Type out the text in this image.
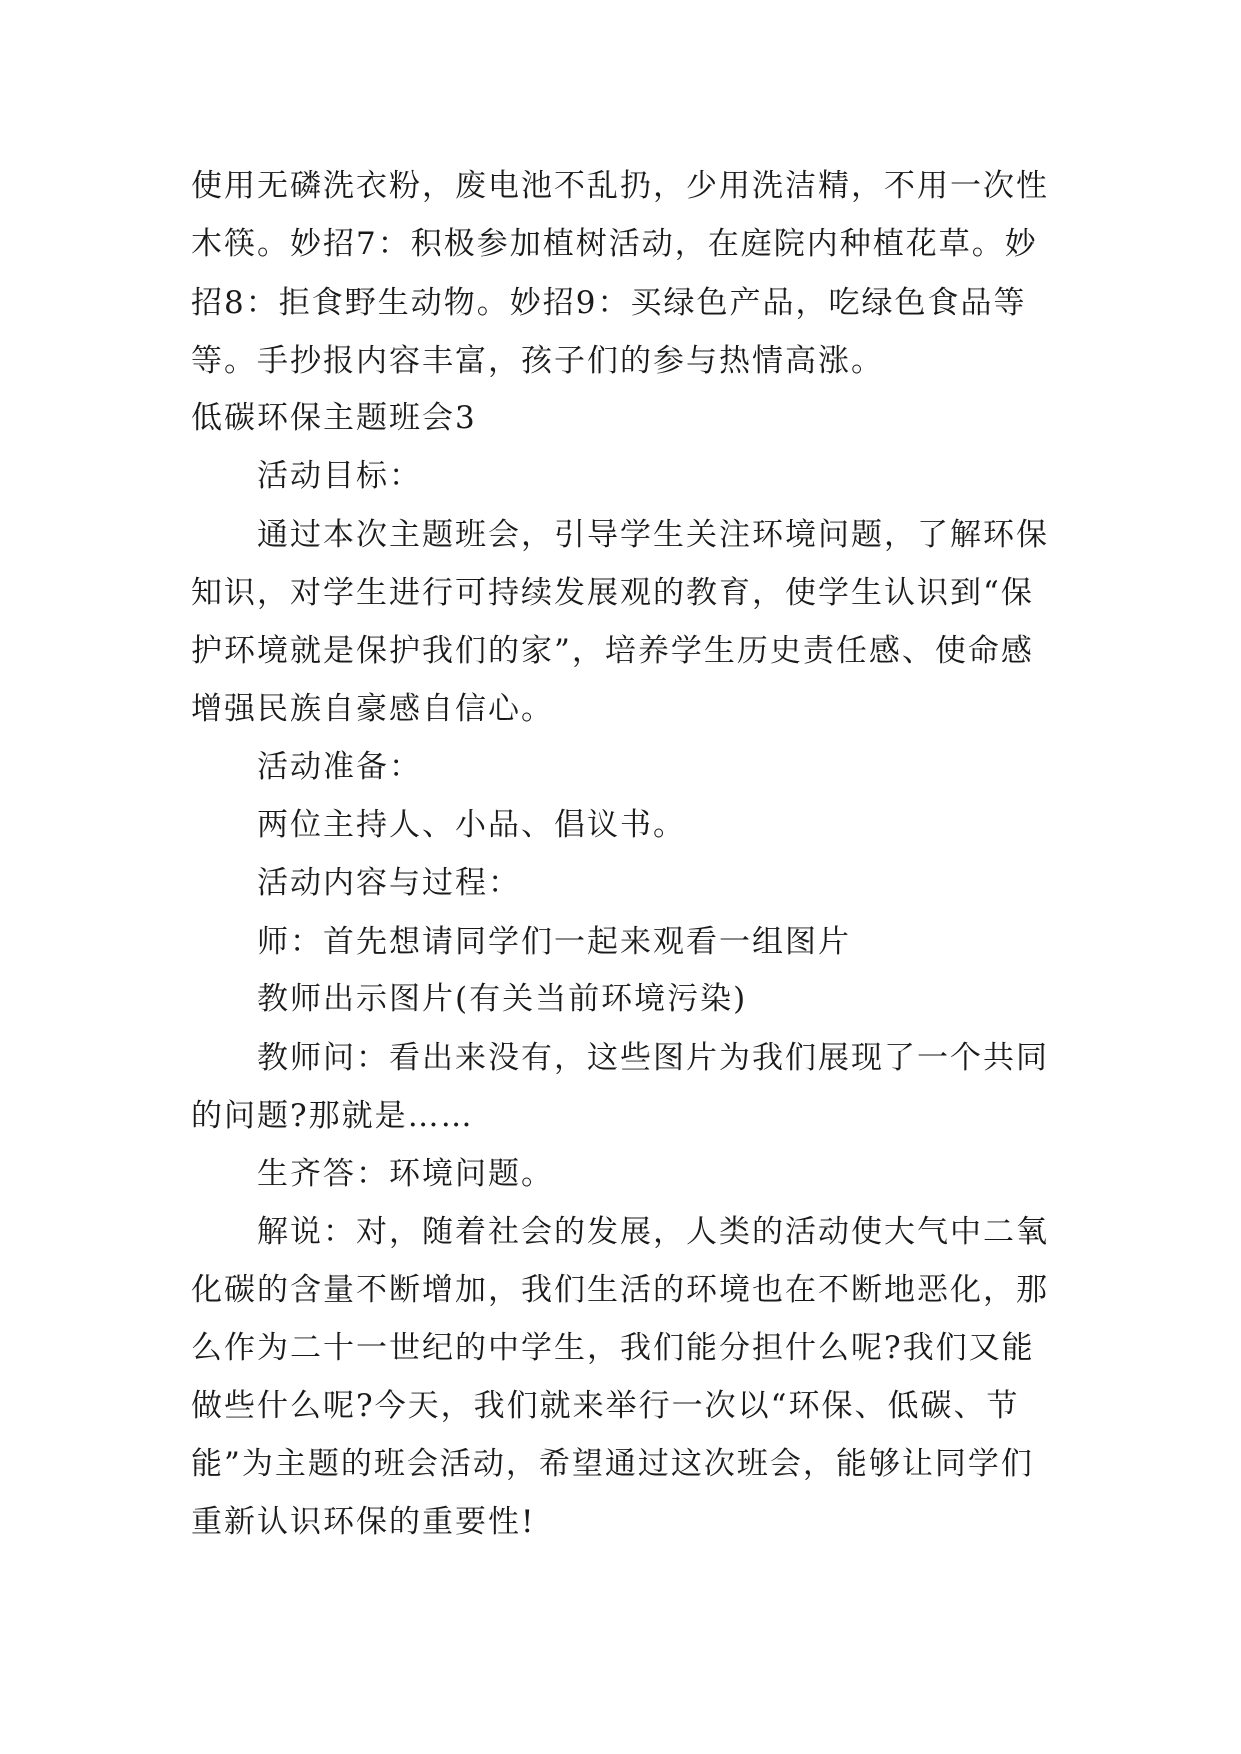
使用无磷洗衣粉，废电池不乱扔，少用洗洁精，不用一次性
木筷。妙招7：积极参加植树活动，在庭院内种植花草。妙
招8：拒食野生动物。妙招9：买绿色产品，吃绿色食品等
等。手抄报内容丰富，孩子们的参与热情高涨。
低碳环保主题班会3
活动目标：
通过本次主题班会，引导学生关注环境问题，了解环保
知识，对学生进行可持续发展观的教育，使学生认识到“保
护环境就是保护我们的家”，培养学生历史责任感、使命感
增强民族自豪感自信心。
活动准备：
两位主持人、小品、倡议书。
活动内容与过程：
师：首先想请同学们一起来观看一组图片
教师出示图片(有关当前环境污染)
教师问：看出来没有，这些图片为我们展现了一个共同
的问题?那就是……
生齐答：环境问题。
解说：对，随着社会的发展，人类的活动使大气中二氧
化碳的含量不断增加，我们生活的环境也在不断地恶化，那
么作为二十一世纪的中学生，我们能分担什么呢?我们又能
做些什么呢?今天，我们就来举行一次以“环保、低碳、节
能”为主题的班会活动，希望通过这次班会，能够让同学们
重新认识环保的重要性!
